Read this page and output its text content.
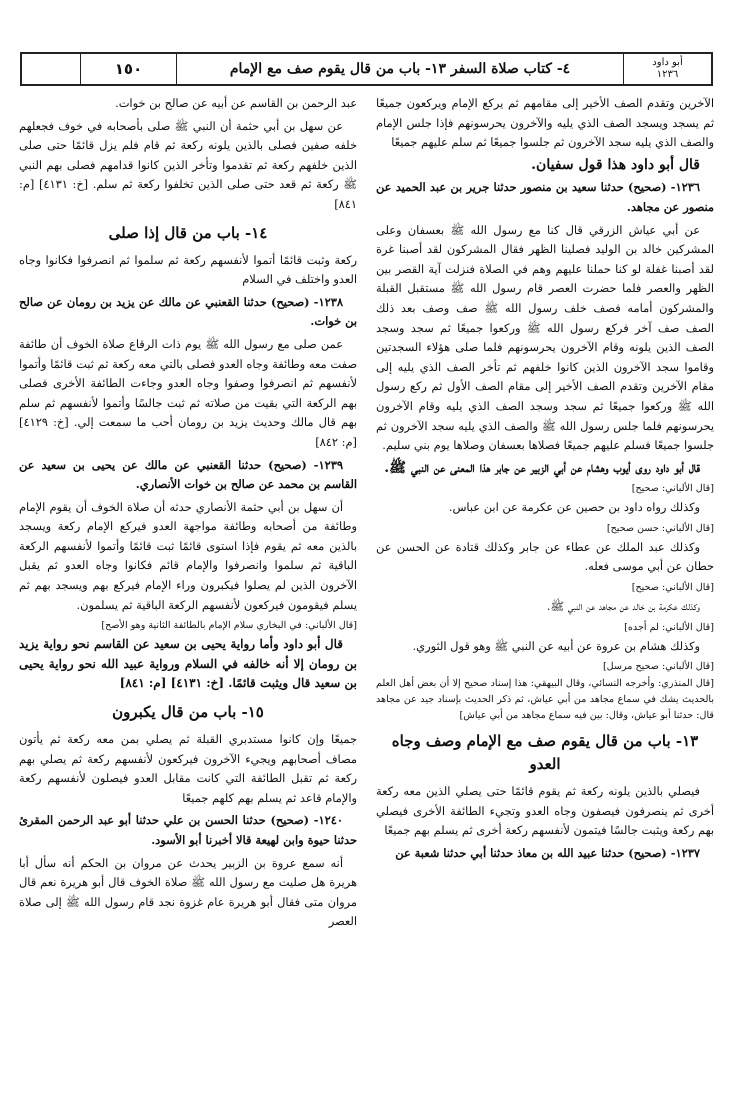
أبو داود
١٢٣٦
٤- كتاب صلاة السفر ١٣- باب من قال يقوم صف مع الإمام
١٥٠

الآخرين وتقدم الصف الأخير إلى مقامهم ثم يركع الإمام ويركعون جميعًا ثم يسجد ويسجد الصف الذي يليه والآخرون يحرسونهم فإذا جلس الإمام والصف الذي يليه سجد الآخرون ثم جلسوا جميعًا ثم سلم عليهم جميعًا

قال أبو داود هذا قول سفيان.

١٢٣٦- (صحيح) حدثنا سعيد بن منصور حدثنا جرير بن عبد الحميد عن منصور عن مجاهد.

عن أبي عياش الزرقي قال كنا مع رسول الله ﷺ بعسفان وعلى المشركين خالد بن الوليد فصلينا الظهر فقال المشركون لقد أصبنا غرة لقد أصبنا غفلة لو كنا حملنا عليهم وهم في الصلاة فنزلت آية القصر بين الظهر والعصر فلما حضرت العصر قام رسول الله ﷺ مستقبل القبلة والمشركون أمامه فصف خلف رسول الله ﷺ صف وصف بعد ذلك الصف صف آخر فركع رسول الله ﷺ وركعوا جميعًا ثم سجد وسجد الصف الذين يلونه وقام الآخرون يحرسونهم فلما صلى هؤلاء السجدتين وقاموا سجد الآخرون الذين كانوا خلفهم ثم تأخر الصف الذي يليه إلى مقام الآخرين وتقدم الصف الأخير إلى مقام الصف الأول ثم ركع رسول الله ﷺ وركعوا جميعًا ثم سجد وسجد الصف الذي يليه وقام الآخرون يحرسونهم فلما جلس رسول الله ﷺ والصف الذي يليه سجد الآخرون ثم جلسوا جميعًا فسلم عليهم جميعًا فصلاها بعسفان وصلاها يوم بني سليم.

قال أبو داود روى أيوب وهشام عن أبي الزبير عن جابر هذا المعنى عن النبي ﷺ.

[قال الألباني: صحيح]

وكذلك رواه داود بن حصين عن عكرمة عن ابن عباس.

[قال الألباني: حسن صحيح]

وكذلك عبد الملك عن عطاء عن جابر وكذلك قتادة عن الحسن عن حطان عن أبي موسى فعله.

[قال الألباني: صحيح]

وكذلك عكرمة بن خالد عن مجاهد عن النبي ﷺ.

[قال الألباني: لم أجده]

وكذلك هشام بن عروة عن أبيه عن النبي ﷺ وهو قول الثوري.

[قال الألباني: صحيح مرسل]

[قال المنذري: وأخرجه النسائي، وقال البيهقي: هذا إسناد صحيح إلا أن بعض أهل العلم بالحديث يشك في سماع مجاهد من أبي عياش، ثم ذكر الحديث بإسناد جيد عن مجاهد قال: حدثنا أبو عياش، وقال: بين فيه سماع مجاهد من أبي عياش]

١٣- باب من قال يقوم صف مع الإمام وصف وجاه العدو

فيصلي بالذين يلونه ركعة ثم يقوم قائمًا حتى يصلي الذين معه ركعة أخرى ثم ينصرفون فيصفون وجاه العدو وتجيء الطائفة الأخرى فيصلي بهم ركعة ويثبت جالسًا فيتمون لأنفسهم ركعة أخرى ثم يسلم بهم جميعًا

١٢٣٧- (صحيح) حدثنا عبيد الله بن معاذ حدثنا أبي حدثنا شعبة عن

عبد الرحمن بن القاسم عن أبيه عن صالح بن خوات.

عن سهل بن أبي حثمة أن النبي ﷺ صلى بأصحابه في خوف فجعلهم خلفه صفين فصلى بالذين يلونه ركعة ثم قام فلم يزل قائمًا حتى صلى الذين خلفهم ركعة ثم تقدموا وتأخر الذين كانوا قدامهم فصلى بهم النبي ﷺ ركعة ثم قعد حتى صلى الذين تخلفوا ركعة ثم سلم. [خ: ٤١٣١] [م: ٨٤١]

١٤- باب من قال إذا صلى

ركعة وثبت قائمًا أتموا لأنفسهم ركعة ثم سلموا ثم انصرفوا فكانوا وجاه العدو واختلف في السلام

١٢٣٨- (صحيح) حدثنا القعنبي عن مالك عن يزيد بن رومان عن صالح بن خوات.

عمن صلى مع رسول الله ﷺ يوم ذات الرقاع صلاة الخوف أن طائفة صفت معه وطائفة وجاه العدو فصلى بالتي معه ركعة ثم ثبت قائمًا وأتموا لأنفسهم ثم انصرفوا وصفوا وجاه العدو وجاءت الطائفة الأخرى فصلى بهم الركعة التي بقيت من صلاته ثم ثبت جالسًا وأتموا لأنفسهم ثم سلم بهم قال مالك وحديث يزيد بن رومان أحب ما سمعت إلي. [خ: ٤١٢٩] [م: ٨٤٢]

١٢٣٩- (صحيح) حدثنا القعنبي عن مالك عن يحيى بن سعيد عن القاسم بن محمد عن صالح بن خوات الأنصاري.

أن سهل بن أبي حثمة الأنصاري حدثه أن صلاة الخوف أن يقوم الإمام وطائفة من أصحابه وطائفة مواجهة العدو فيركع الإمام ركعة ويسجد بالذين معه ثم يقوم فإذا استوى قائمًا ثبت قائمًا وأتموا لأنفسهم الركعة الباقية ثم سلموا وانصرفوا والإمام قائم فكانوا وجاه العدو ثم يقبل الآخرون الذين لم يصلوا فيكبرون وراء الإمام فيركع بهم ويسجد بهم ثم يسلم فيقومون فيركعون لأنفسهم الركعة الباقية ثم يسلمون.

[قال الألباني: في البخاري سلام الإمام بالطائفة الثانية وهو الأصح]

قال أبو داود وأما رواية يحيى بن سعيد عن القاسم نحو رواية يزيد بن رومان إلا أنه خالفه في السلام ورواية عبيد الله نحو رواية يحيى بن سعيد قال ويثبت قائمًا. [خ: ٤١٣١] [م: ٨٤١]

١٥- باب من قال يكبرون

جميعًا وإن كانوا مستدبري القبلة ثم يصلي بمن معه ركعة ثم يأتون مصاف أصحابهم ويجيء الآخرون فيركعون لأنفسهم ركعة ثم يصلي بهم ركعة ثم تقبل الطائفة التي كانت مقابل العدو فيصلون لأنفسهم ركعة والإمام قاعد ثم يسلم بهم كلهم جميعًا

١٢٤٠- (صحيح) حدثنا الحسن بن علي حدثنا أبو عبد الرحمن المقرئ حدثنا حيوة وابن لهيعة قالا أخبرنا أبو الأسود.

أنه سمع عروة بن الزبير يحدث عن مروان بن الحكم أنه سأل أبا هريرة هل صليت مع رسول الله ﷺ صلاة الخوف قال أبو هريرة نعم قال مروان متى فقال أبو هريرة عام غزوة نجد قام رسول الله ﷺ إلى صلاة العصر
